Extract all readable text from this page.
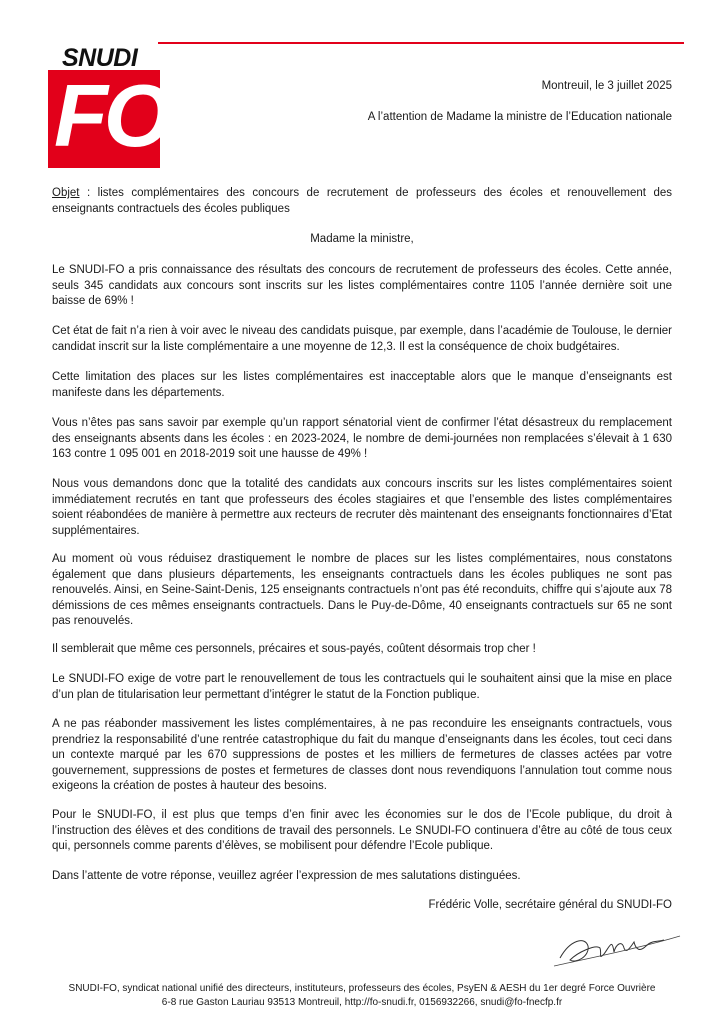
SNUDI
FO	Montreuil, le 3 juillet 2025
A l’attention de Madame la ministre de l’Education nationale

Objet : listes complémentaires des concours de recrutement de professeurs des écoles et renouvellement des enseignants contractuels des écoles publiques

Madame la ministre,

Le SNUDI-FO a pris connaissance des résultats des concours de recrutement de professeurs des écoles. Cette année, seuls 345 candidats aux concours sont inscrits sur les listes complémentaires contre 1105 l’année dernière soit une baisse de 69% !

Cet état de fait n’a rien à voir avec le niveau des candidats puisque, par exemple, dans l’académie de Toulouse, le dernier candidat inscrit sur la liste complémentaire a une moyenne de 12,3. Il est la conséquence de choix budgétaires.

Cette limitation des places sur les listes complémentaires est inacceptable alors que le manque d’enseignants est manifeste dans les départements.

Vous n’êtes pas sans savoir par exemple qu’un rapport sénatorial vient de confirmer l’état désastreux du remplacement des enseignants absents dans les écoles : en 2023-2024, le nombre de demi-journées non remplacées s’élevait à 1 630 163 contre 1 095 001 en 2018-2019 soit une hausse de 49% !

Nous vous demandons donc que la totalité des candidats aux concours inscrits sur les listes complémentaires soient immédiatement recrutés en tant que professeurs des écoles stagiaires et que l’ensemble des listes complémentaires soient réabondées de manière à permettre aux recteurs de recruter dès maintenant des enseignants fonctionnaires d’Etat supplémentaires.

Au moment où vous réduisez drastiquement le nombre de places sur les listes complémentaires, nous constatons également que dans plusieurs départements, les enseignants contractuels dans les écoles publiques ne sont pas renouvelés. Ainsi, en Seine-Saint-Denis, 125 enseignants contractuels n’ont pas été reconduits, chiffre qui s’ajoute aux 78 démissions de ces mêmes enseignants contractuels. Dans le Puy-de-Dôme, 40 enseignants contractuels sur 65 ne sont pas renouvelés.

Il semblerait que même ces personnels, précaires et sous-payés, coûtent désormais trop cher !

Le SNUDI-FO exige de votre part le renouvellement de tous les contractuels qui le souhaitent ainsi que la mise en place d’un plan de titularisation leur permettant d’intégrer le statut de la Fonction publique.

A ne pas réabonder massivement les listes complémentaires, à ne pas reconduire les enseignants contractuels, vous prendriez la responsabilité d’une rentrée catastrophique du fait du manque d’enseignants dans les écoles, tout ceci dans un contexte marqué par les 670 suppressions de postes et les milliers de fermetures de classes actées par votre gouvernement, suppressions de postes et fermetures de classes dont nous revendiquons l’annulation tout comme nous exigeons la création de postes à hauteur des besoins.

Pour le SNUDI-FO, il est plus que temps d’en finir avec les économies sur le dos de l’Ecole publique, du droit à l’instruction des élèves et des conditions de travail des personnels. Le SNUDI-FO continuera d’être au côté de tous ceux qui, personnels comme parents d’élèves, se mobilisent pour défendre l’Ecole publique.

Dans l’attente de votre réponse, veuillez agréer l’expression de mes salutations distinguées.

Frédéric Volle, secrétaire général du SNUDI-FO
SNUDI-FO, syndicat national unifié des directeurs, instituteurs, professeurs des écoles, PsyEN & AESH du 1er degré Force Ouvrière
6-8 rue Gaston Lauriau 93513 Montreuil, http://fo-snudi.fr, 0156932266, snudi@fo-fnecfp.fr
